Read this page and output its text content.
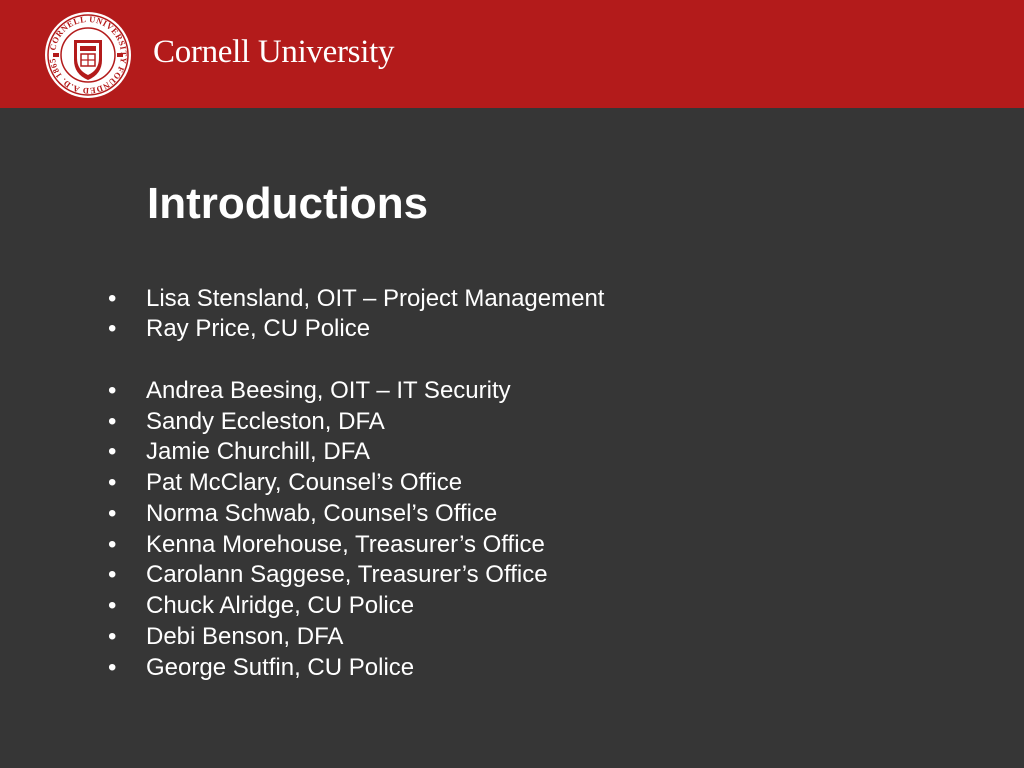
CORNELL UNIVERSITY FOUNDED A.D. 1865	Cornell University
Introductions
•	Lisa Stensland, OIT – Project Management
•	Ray Price, CU Police
•	Andrea Beesing, OIT – IT Security
•	Sandy Eccleston, DFA
•	Jamie Churchill, DFA
•	Pat McClary, Counsel’s Office
•	Norma Schwab, Counsel’s Office
•	Kenna Morehouse, Treasurer’s Office
•	Carolann Saggese, Treasurer’s Office
•	Chuck Alridge, CU Police
•	Debi Benson, DFA
•	George Sutfin, CU Police
